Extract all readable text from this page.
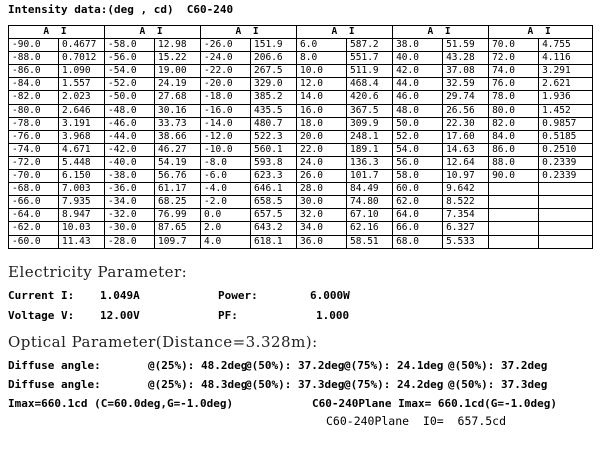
Intensity data:(deg , cd)  C60-240
A I		A I		A I		A I		A I		A I	
-90.0	0.4677	-58.0	12.98	-26.0	151.9	6.0	587.2	38.0	51.59	70.0	4.755
-88.0	0.7012	-56.0	15.22	-24.0	206.6	8.0	551.7	40.0	43.28	72.0	4.116
-86.0	1.090	-54.0	19.00	-22.0	267.5	10.0	511.9	42.0	37.08	74.0	3.291
-84.0	1.557	-52.0	24.19	-20.0	329.0	12.0	468.4	44.0	32.59	76.0	2.621
-82.0	2.023	-50.0	27.68	-18.0	385.2	14.0	420.6	46.0	29.74	78.0	1.936
-80.0	2.646	-48.0	30.16	-16.0	435.5	16.0	367.5	48.0	26.56	80.0	1.452
-78.0	3.191	-46.0	33.73	-14.0	480.7	18.0	309.9	50.0	22.30	82.0	0.9857
-76.0	3.968	-44.0	38.66	-12.0	522.3	20.0	248.1	52.0	17.60	84.0	0.5185
-74.0	4.671	-42.0	46.27	-10.0	560.1	22.0	189.1	54.0	14.63	86.0	0.2510
-72.0	5.448	-40.0	54.19	-8.0	593.8	24.0	136.3	56.0	12.64	88.0	0.2339
-70.0	6.150	-38.0	56.76	-6.0	623.3	26.0	101.7	58.0	10.97	90.0	0.2339
-68.0	7.003	-36.0	61.17	-4.0	646.1	28.0	84.49	60.0	9.642		
-66.0	7.935	-34.0	68.25	-2.0	658.5	30.0	74.80	62.0	8.522		
-64.0	8.947	-32.0	76.99	0.0	657.5	32.0	67.10	64.0	7.354		
-62.0	10.03	-30.0	87.65	2.0	643.2	34.0	62.16	66.0	6.327		
-60.0	11.43	-28.0	109.7	4.0	618.1	36.0	58.51	68.0	5.533		
Electricity Parameter:
Current I: 1.049A	Power:	6.000W
Voltage V: 12.00V	PF:	1.000
Optical Parameter(Distance=3.328m):

Diffuse angle:

	@(25%): 48.2deg

@(50%): 37.2deg

@(75%): 24.1deg

@(50%): 37.2deg

Diffuse angle:

	@(25%): 48.3deg

@(50%): 37.3deg

@(75%): 24.2deg

@(50%): 37.3deg

Imax=660.1cd (C=60.0deg,G=-1.0deg)	C60-240Plane Imax= 660.1cd(G=-1.0deg)
C60-240Plane  I0=  657.5cd
